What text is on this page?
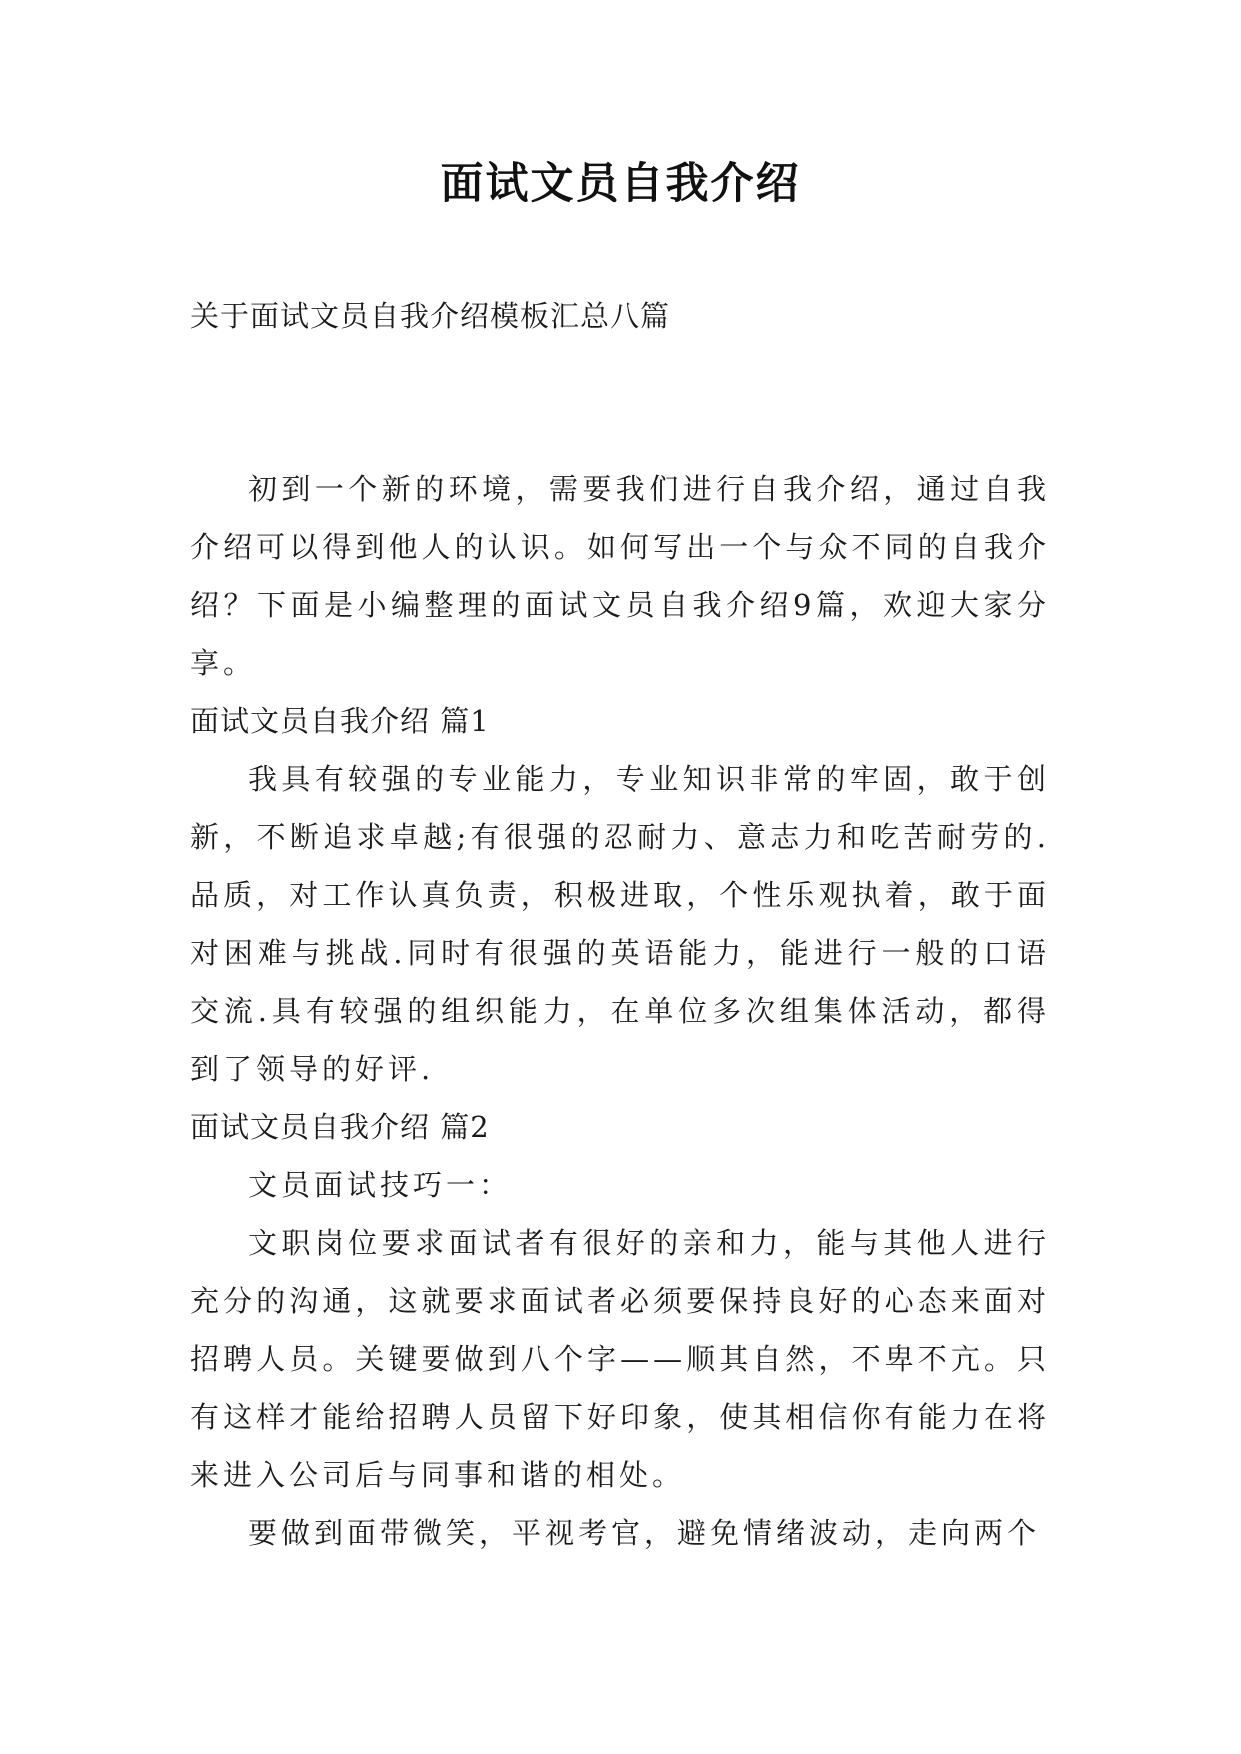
面试文员自我介绍
关于面试文员自我介绍模板汇总八篇

初到一个新的环境，需要我们进行自我介绍，通过自我介绍可以得到他人的认识。如何写出一个与众不同的自我介绍？下面是小编整理的面试文员自我介绍9篇，欢迎大家分享。

面试文员自我介绍 篇1

我具有较强的专业能力，专业知识非常的牢固，敢于创新，不断追求卓越;有很强的忍耐力、意志力和吃苦耐劳的.品质，对工作认真负责，积极进取，个性乐观执着，敢于面对困难与挑战.同时有很强的英语能力，能进行一般的口语交流.具有较强的组织能力，在单位多次组集体活动，都得到了领导的好评.

面试文员自我介绍 篇2

文员面试技巧一：

文职岗位要求面试者有很好的亲和力，能与其他人进行充分的沟通，这就要求面试者必须要保持良好的心态来面对招聘人员。关键要做到八个字——顺其自然，不卑不亢。只有这样才能给招聘人员留下好印象，使其相信你有能力在将来进入公司后与同事和谐的相处。

要做到面带微笑，平视考官，避免情绪波动，走向两个
